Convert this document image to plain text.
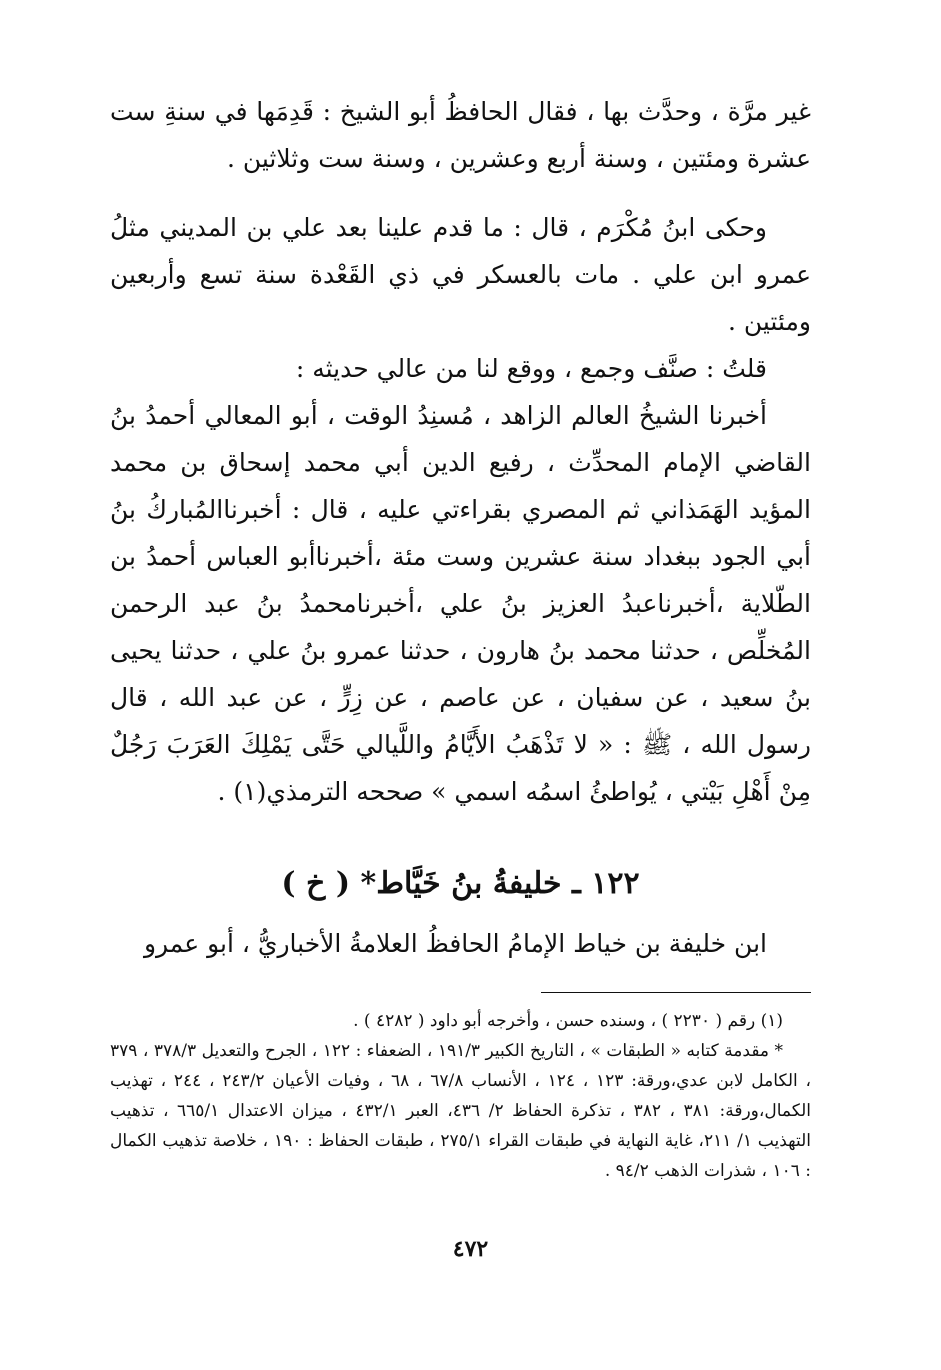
غير مرَّة ، وحدَّث بها ، فقال الحافظُ أبو الشيخ : قَدِمَها في سنةِ ست عشرة ومئتين ، وسنة أربع وعشرين ، وسنة ست وثلاثين .

وحكى ابنُ مُكْرَم ، قال : ما قدم علينا بعد علي بن المديني مثلُ عمرو ابن علي . مات بالعسكر في ذي القَعْدة سنة تسع وأربعين ومئتين .

قلتُ : صنَّف وجمع ، ووقع لنا من عالي حديثه :

أخبرنا الشيخُ العالم الزاهد ، مُسنِدُ الوقت ، أبو المعالي أحمدُ بنُ القاضي الإمام المحدِّث ، رفيع الدين أبي محمد إسحاق بن محمد المؤيد الهَمَذاني ثم المصري بقراءتي عليه ، قال : أخبرناالمُباركُ بنُ أبي الجود ببغداد سنة عشرين وست مئة ،أخبرناأبو العباس أحمدُ بن الطّلاية ،أخبرناعبدُ العزيز بنُ علي ،أخبرنامحمدُ بنُ عبد الرحمن المُخلِّص ، حدثنا محمد بنُ هارون ، حدثنا عمرو بنُ علي ، حدثنا يحيى بنُ سعيد ، عن سفيان ، عن عاصم ، عن زِرٍّ ، عن عبد الله ، قال رسول الله ، ﷺ : « لا تَذْهَبُ الأَيَّامُ واللَّيالي حَتَّى يَمْلِكَ العَرَبَ رَجُلٌ مِنْ أَهْلِ بَيْتي ، يُواطئُ اسمُه اسمي » صححه الترمذي(١) .

١٢٢ ـ خليفةُ بنُ خَيَّاط* ( خ )

ابن خليفة بن خياط الإمامُ الحافظُ العلامةُ الأخباريُّ ، أبو عمرو

(١) رقم ( ٢٢٣٠ ) ، وسنده حسن ، وأخرجه أبو داود ( ٤٢٨٢ ) .

* مقدمة كتابه « الطبقات » ، التاريخ الكبير ١٩١/٣ ، الضعفاء : ١٢٢ ، الجرح والتعديل ٣٧٨/٣ ، ٣٧٩ ، الكامل لابن عدي،ورقة: ١٢٣ ، ١٢٤ ، الأنساب ٦٧/٨ ، ٦٨ ، وفيات الأعيان ٢٤٣/٢ ، ٢٤٤ ، تهذيب الكمال،ورقة: ٣٨١ ، ٣٨٢ ، تذكرة الحفاظ ٢/ ٤٣٦، العبر ٤٣٢/١ ، ميزان الاعتدال ٦٦٥/١ ، تذهيب التهذيب ١/ ٢١١، غاية النهاية في طبقات القراء ٢٧٥/١ ، طبقات الحفاظ : ١٩٠ ، خلاصة تذهيب الكمال : ١٠٦ ، شذرات الذهب ٩٤/٢ .

٤٧٢
